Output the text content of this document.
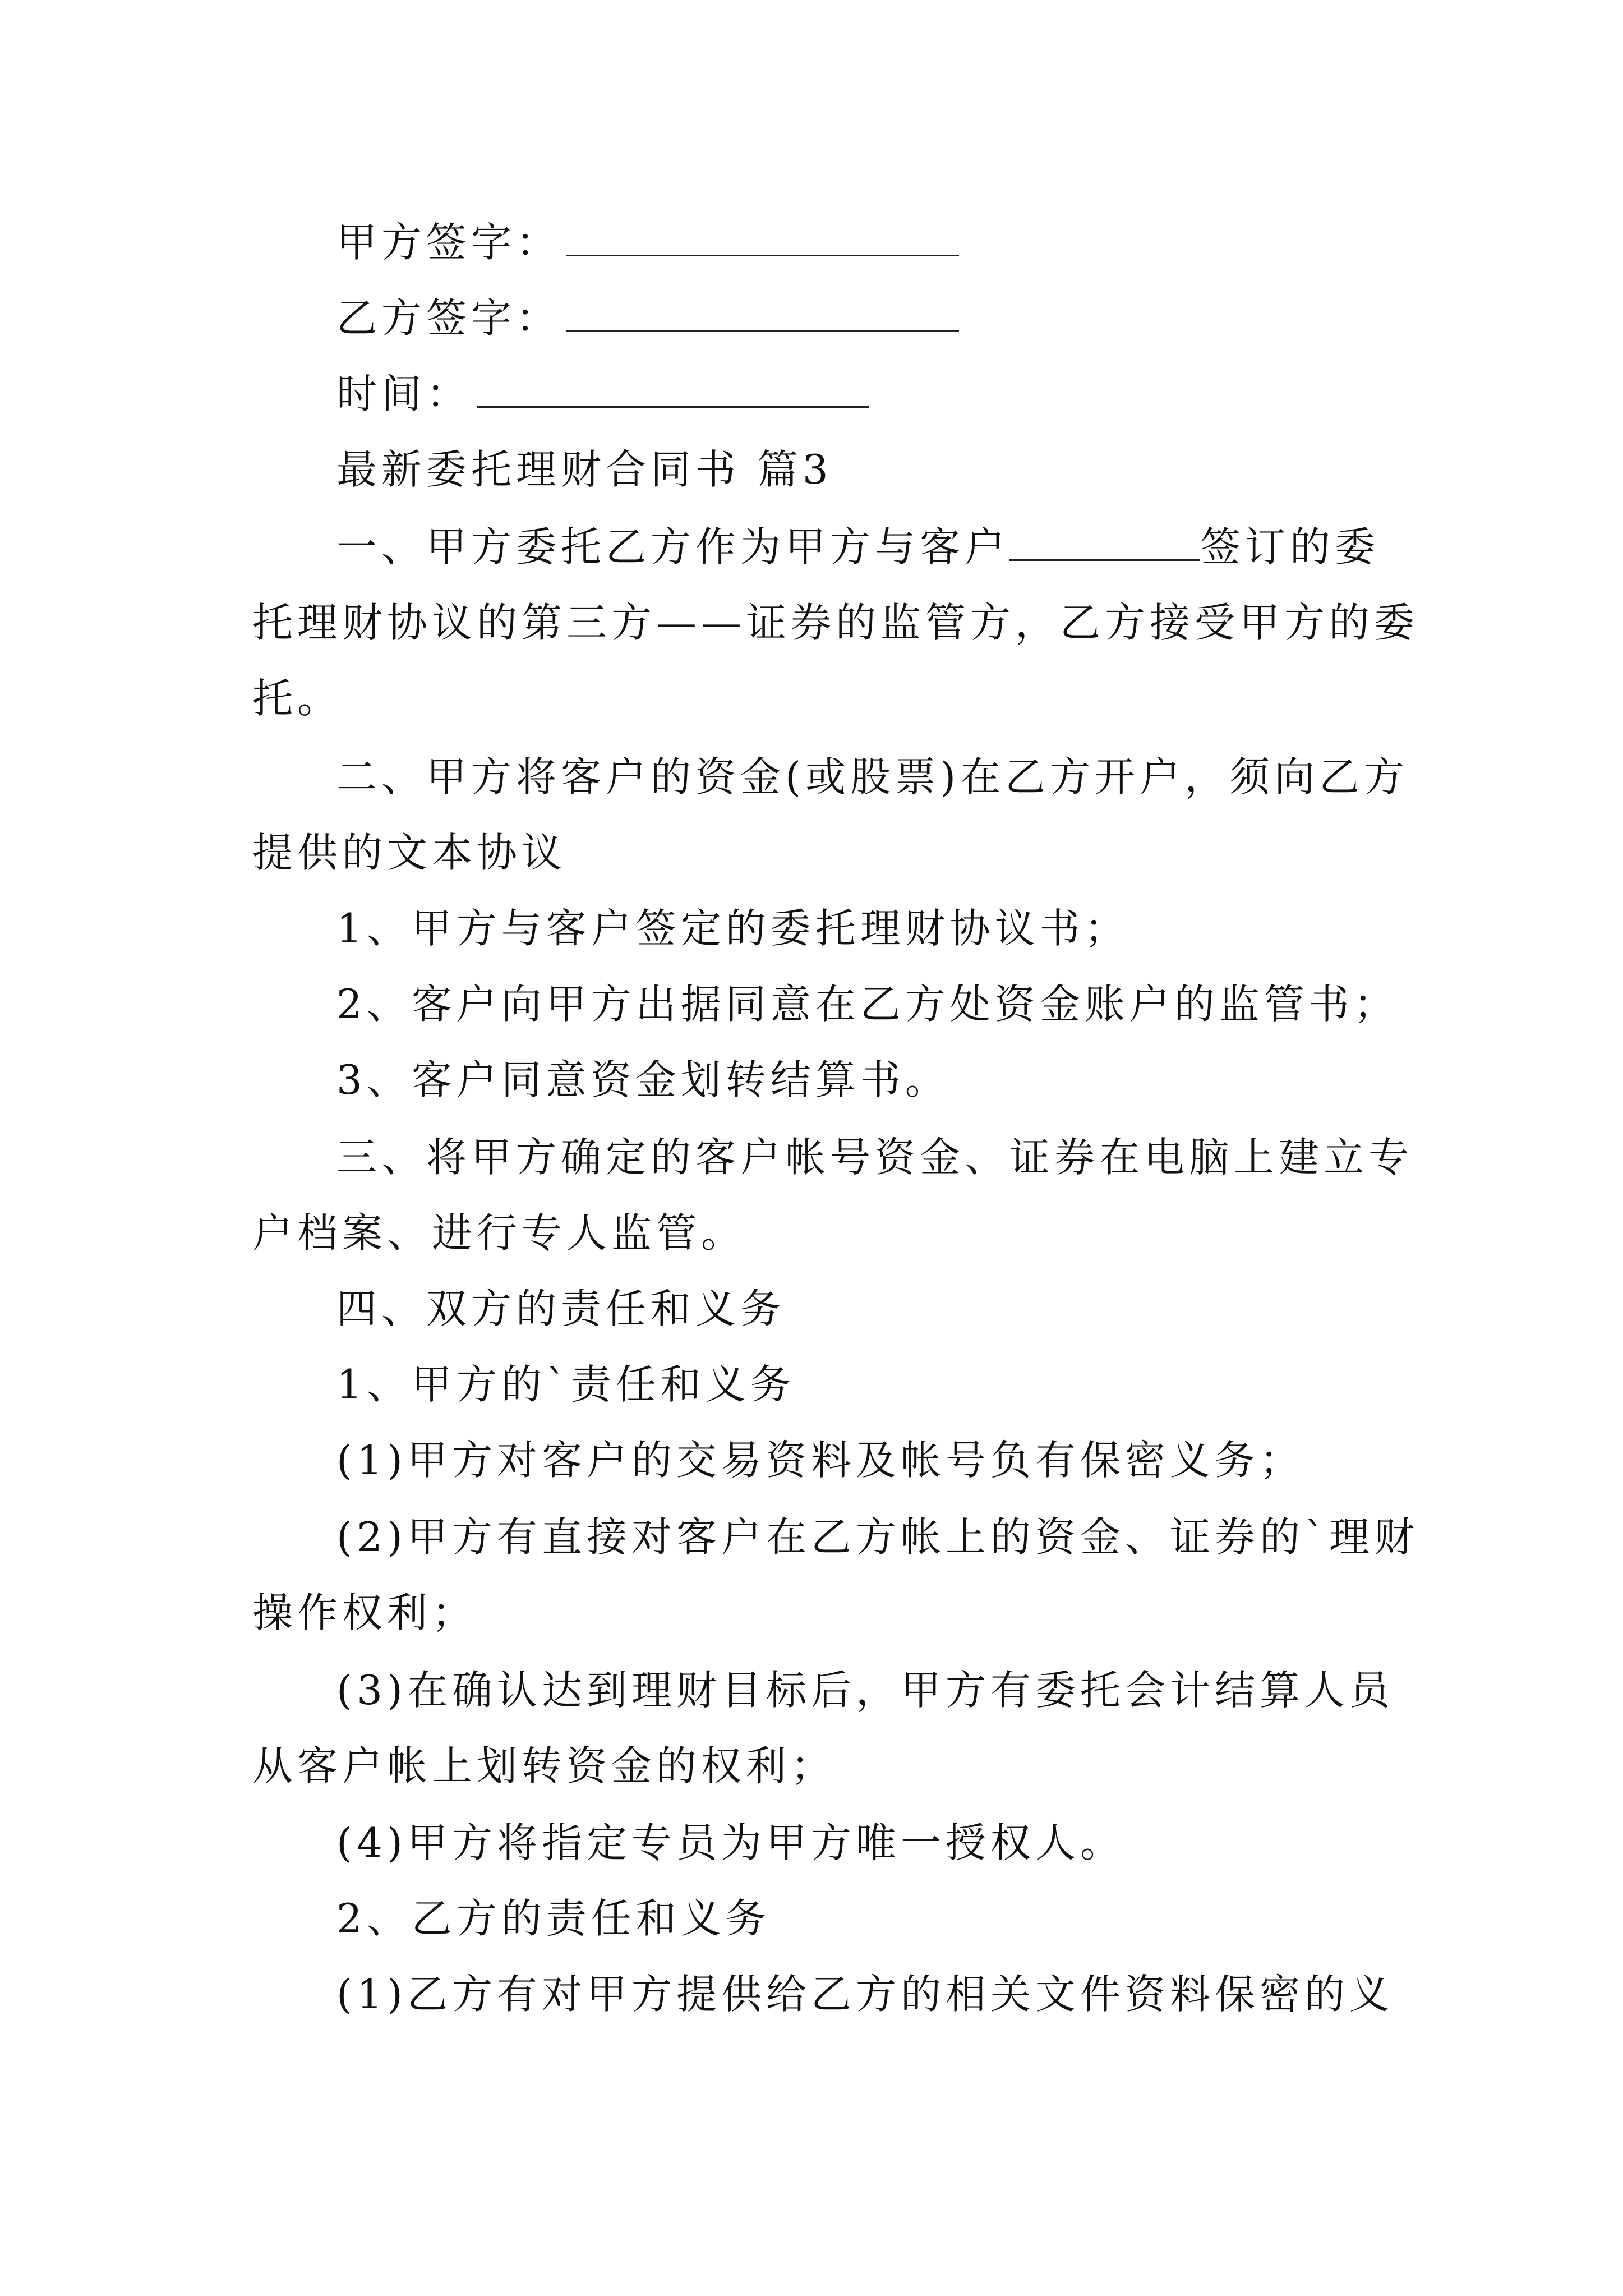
甲方签字：
乙方签字：
时间：
最新委托理财合同书 篇3
一、甲方委托乙方作为甲方与客户	签订的委
托理财协议的第三方——证券的监管方，乙方接受甲方的委
托。
二、甲方将客户的资金(或股票)在乙方开户，须向乙方
提供的文本协议
1、甲方与客户签定的委托理财协议书；
2、客户向甲方出据同意在乙方处资金账户的监管书；
3、客户同意资金划转结算书。
三、将甲方确定的客户帐号资金、证券在电脑上建立专
户档案、进行专人监管。
四、双方的责任和义务
1、甲方的`责任和义务
(1)甲方对客户的交易资料及帐号负有保密义务；
(2)甲方有直接对客户在乙方帐上的资金、证券的`理财
操作权利；
(3)在确认达到理财目标后，甲方有委托会计结算人员
从客户帐上划转资金的权利；
(4)甲方将指定专员为甲方唯一授权人。
2、乙方的责任和义务
(1)乙方有对甲方提供给乙方的相关文件资料保密的义
